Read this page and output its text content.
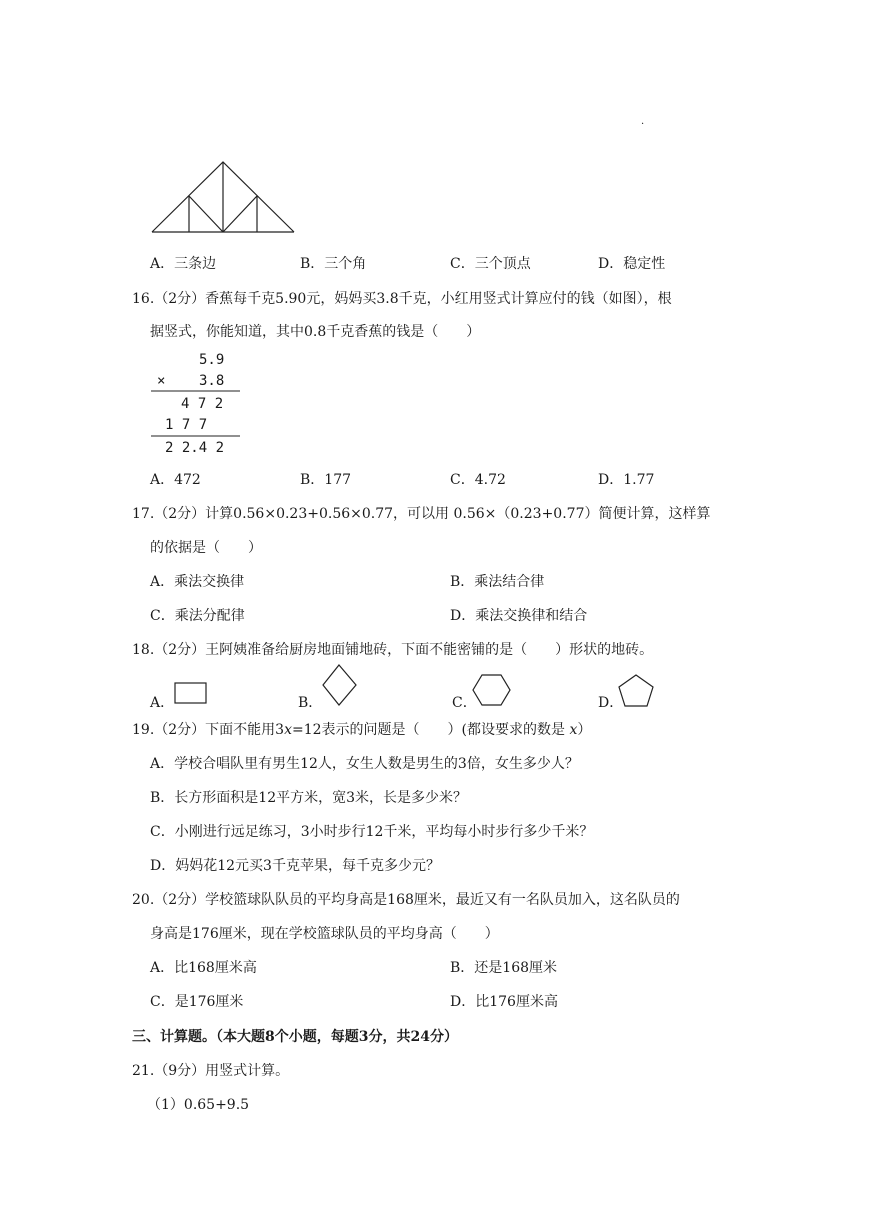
.
A．三条边	B．三个角	C．三个顶点	D．稳定性
16.（2分）香蕉每千克5.90元，妈妈买3.8千克，小红用竖式计算应付的钱（如图），根
据竖式，你能知道，其中0.8千克香蕉的钱是（　　）
5.9
× 3.8
4 7 2
1 7 7
2 2.4 2
A．472	B．177	C．4.72	D．1.77
17.（2分）计算0.56×0.23+0.56×0.77，可以用 0.56×（0.23+0.77）简便计算，这样算
的依据是（　　）
A．乘法交换律	B．乘法结合律
C．乘法分配律	D．乘法交换律和结合
18.（2分）王阿姨准备给厨房地面铺地砖，下面不能密铺的是（　　）形状的地砖。
A．	B．	C．	D．
19.（2分）下面不能用3x=12表示的问题是（　　）(都设要求的数是 x）
A．学校合唱队里有男生12人，女生人数是男生的3倍，女生多少人？
B．长方形面积是12平方米，宽3米，长是多少米？
C．小刚进行远足练习，3小时步行12千米，平均每小时步行多少千米？
D．妈妈花12元买3千克苹果，每千克多少元？
20.（2分）学校篮球队队员的平均身高是168厘米，最近又有一名队员加入，这名队员的
身高是176厘米，现在学校篮球队员的平均身高（　　）
A．比168厘米高	B．还是168厘米
C．是176厘米	D．比176厘米高
三、计算题。（本大题8个小题，每题3分，共24分）
21.（9分）用竖式计算。
（1）0.65+9.5
